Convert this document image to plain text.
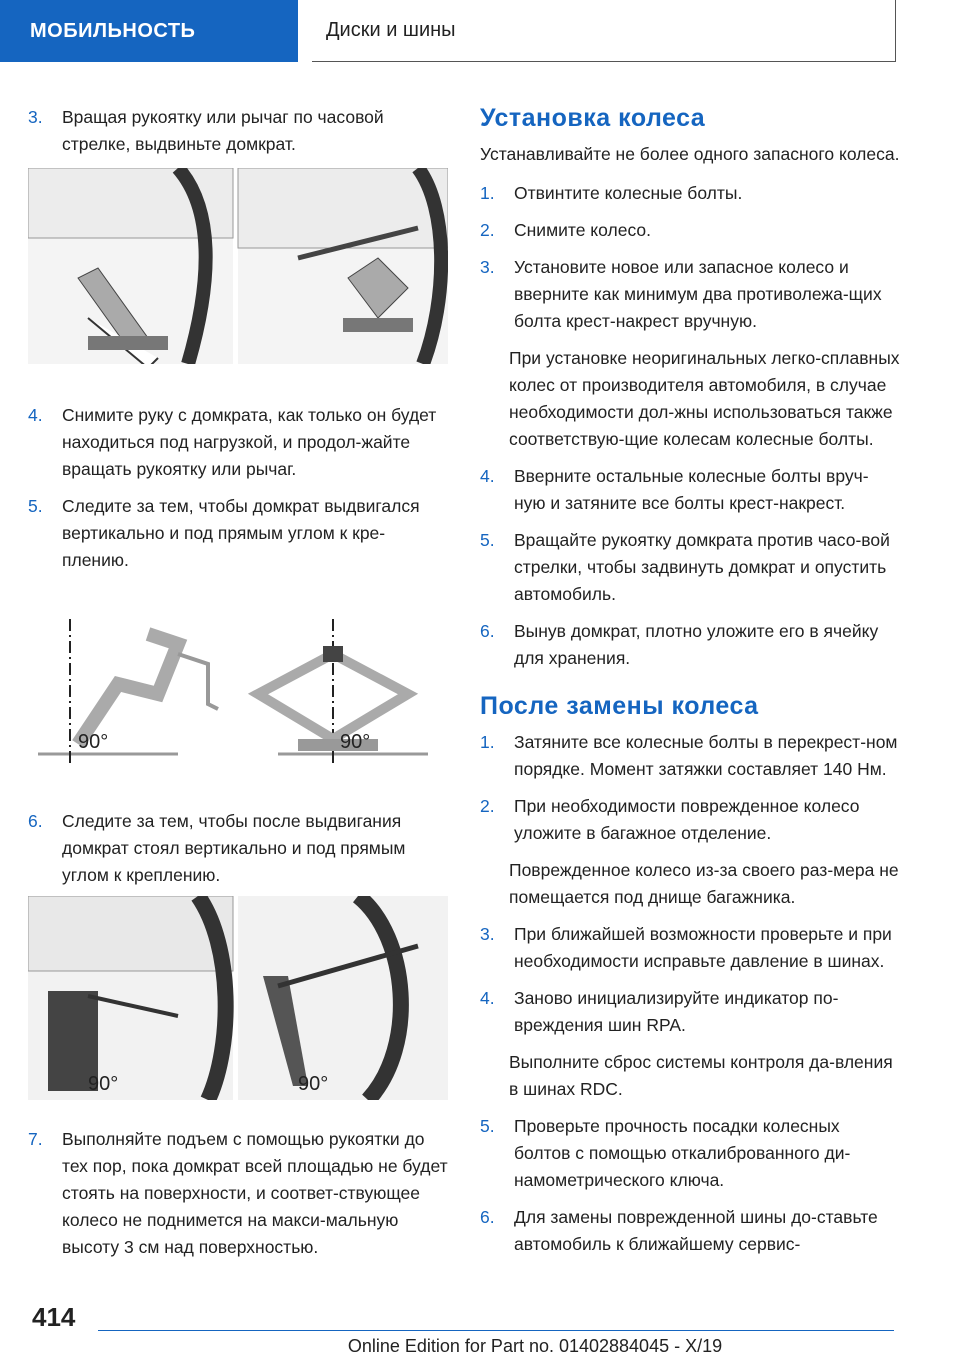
МОБИЛЬНОСТЬ	Диски и шины
3.	Вращая рукоятку или рычаг по часовой стрелке, выдвиньте домкрат.
4.	Снимите руку с домкрата, как только он будет находиться под нагрузкой, и продол-жайте вращать рукоятку или рычаг.
5.	Следите за тем, чтобы домкрат выдвигался вертикально и под прямым углом к кре-плению.
90°	90°
6.	Следите за тем, чтобы после выдвигания домкрат стоял вертикально и под прямым углом к креплению.
90°	90°
7.	Выполняйте подъем с помощью рукоятки до тех пор, пока домкрат всей площадью не будет стоять на поверхности, и соответ-ствующее колесо не поднимется на макси-мальную высоту 3 см над поверхностью.
Установка колеса
Устанавливайте не более одного запасного колеса.
1.	Отвинтите колесные болты.
2.	Снимите колесо.
3.	Установите новое или запасное колесо и вверните как минимум два противолежа-щих болта крест-накрест вручную.
При установке неоригинальных легко-сплавных колес от производителя автомобиля, в случае необходимости дол-жны использоваться также соответствую-щие колесам колесные болты.
4.	Вверните остальные колесные болты вруч-ную и затяните все болты крест-накрест.
5.	Вращайте рукоятку домкрата против часо-вой стрелки, чтобы задвинуть домкрат и опустить автомобиль.
6.	Вынув домкрат, плотно уложите его в ячейку для хранения.
После замены колеса
1.	Затяните все колесные болты в перекрест-ном порядке. Момент затяжки составляет 140 Нм.
2.	При необходимости поврежденное колесо уложите в багажное отделение.
Поврежденное колесо из-за своего раз-мера не помещается под днище багажника.
3.	При ближайшей возможности проверьте и при необходимости исправьте давление в шинах.
4.	Заново инициализируйте индикатор по-вреждения шин RPA.
Выполните сброс системы контроля да-вления в шинах RDC.
5.	Проверьте прочность посадки колесных болтов с помощью откалиброванного ди-намометрического ключа.
6.	Для замены поврежденной шины до-ставьте автомобиль к ближайшему сервис-
414
Online Edition for Part no. 01402884045 - X/19
